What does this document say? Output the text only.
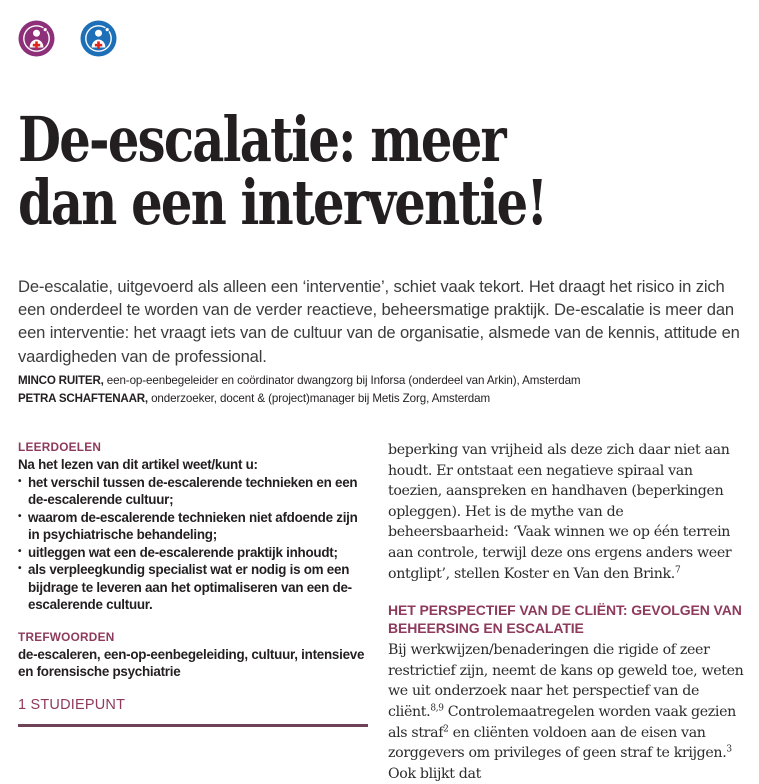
De-escalatie: meer
dan een interventie!

De-escalatie, uitgevoerd als alleen een ‘interventie’, schiet vaak tekort. Het draagt het risico in zich een onderdeel te worden van de verder reactieve, beheersmatige praktijk. De-escalatie is meer dan een interventie: het vraagt iets van de cultuur van de organisatie, alsmede van de kennis, attitude en vaardigheden van de professional.

MINCO RUITER, een-op-eenbegeleider en coördinator dwangzorg bij Inforsa (onderdeel van Arkin), Amsterdam
PETRA SCHAFTENAAR, onderzoeker, docent & (project)manager bij Metis Zorg, Amsterdam

LEERDOELEN

Na het lezen van dit artikel weet/kunt u:

• het verschil tussen de-escalerende technieken en een de-escalerende cultuur;
• waarom de-escalerende technieken niet afdoende zijn in psychiatrische behandeling;
• uitleggen wat een de-escalerende praktijk inhoudt;
• als verpleegkundig specialist wat er nodig is om een bijdrage te leveren aan het optimaliseren van een de-escalerende cultuur.

TREFWOORDEN

de-escaleren, een-op-eenbegeleiding, cultuur, intensieve en forensische psychiatrie

1 STUDIEPUNT

beperking van vrijheid als deze zich daar niet aan houdt. Er ontstaat een negatieve spiraal van toezien, aanspreken en handhaven (beperkingen opleggen). Het is de mythe van de beheersbaarheid: ‘Vaak winnen we op één terrein aan controle, terwijl deze ons ergens anders weer ontglipt’, stellen Koster en Van den Brink.$^7$

HET PERSPECTIEF VAN DE CLIËNT: GEVOLGEN VAN BEHEERSING EN ESCALATIE

Bij werkwijzen/benaderingen die rigide of zeer restrictief zijn, neemt de kans op geweld toe, weten we uit onderzoek naar het perspectief van de cliënt.$^{8,9}$ Controlemaatregelen worden vaak gezien als straf$^2$ en cliënten voldoen aan de eisen van zorggevers om privileges of geen straf te krijgen.$^3$ Ook blijkt dat
